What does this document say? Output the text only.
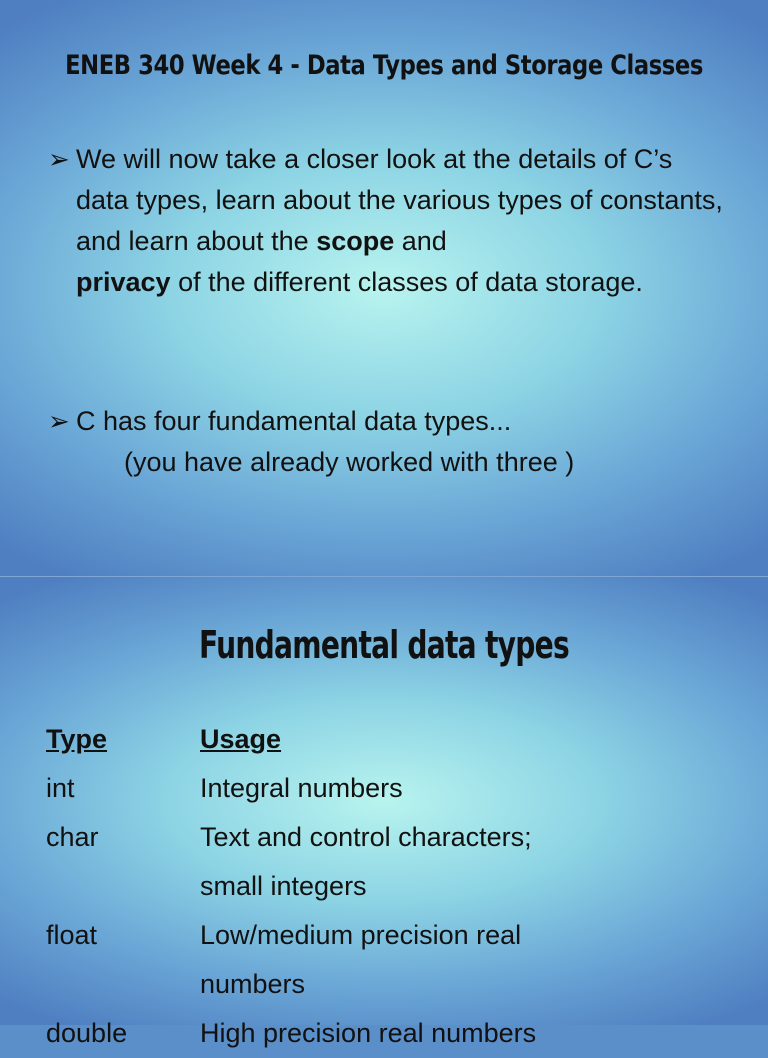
ENEB 340 Week 4 - Data Types and Storage Classes
➢ We will now take a closer look at the details of C’s data types, learn about the various types of constants, and learn about the scope and
privacy of the different classes of data storage.
➢ C has four fundamental data types...
(you have already worked with three )
Fundamental data types
Type	Usage
int	Integral numbers
char	Text and control characters;
small integers
float	Low/medium precision real
numbers
double	High precision real numbers
